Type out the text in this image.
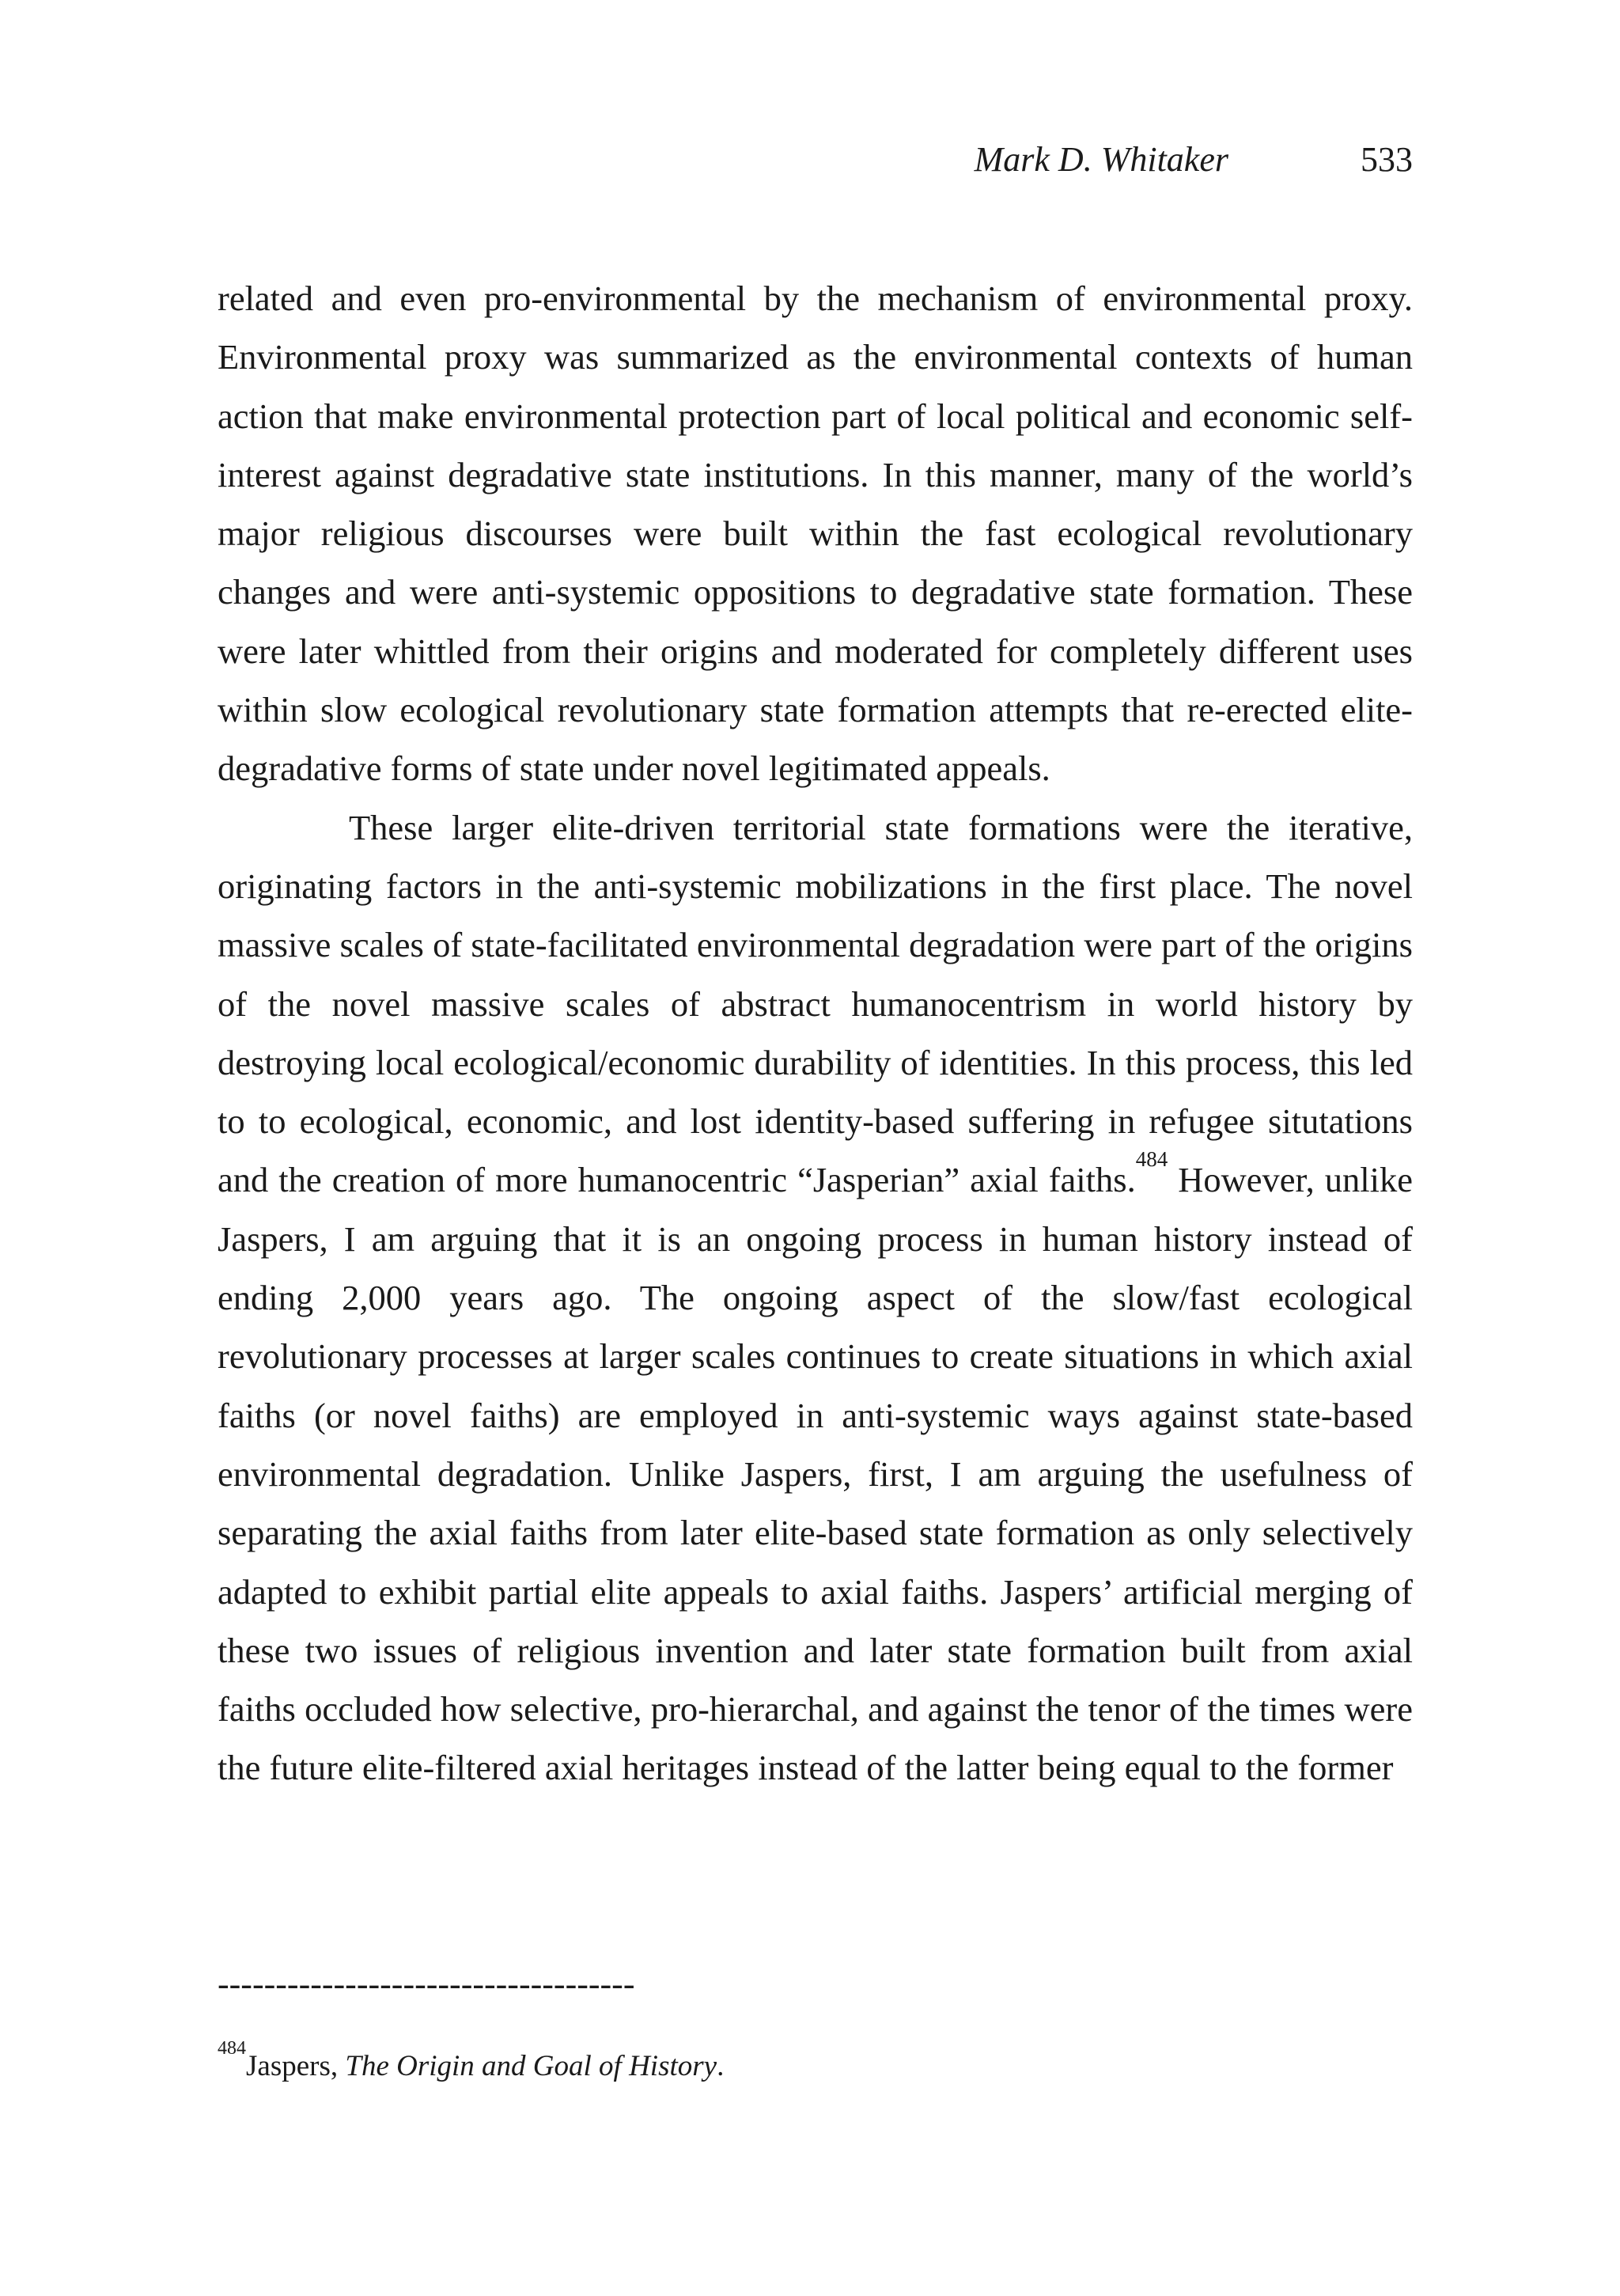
Mark D. Whitaker	533

related and even pro-environmental by the mechanism of environmental proxy. Environmental proxy was summarized as the environmental contexts of human action that make environmental protection part of local political and economic self-interest against degradative state institutions. In this manner, many of the world’s major religious discourses were built within the fast ecological revolutionary changes and were anti-systemic oppositions to degradative state formation. These were later whittled from their origins and moderated for completely different uses within slow ecological revolutionary state formation attempts that re-erected elite-degradative forms of state under novel legitimated appeals.

These larger elite-driven territorial state formations were the iterative, originating factors in the anti-systemic mobilizations in the first place. The novel massive scales of state-facilitated environmental degradation were part of the origins of the novel massive scales of abstract humanocentrism in world history by destroying local ecological/economic durability of identities. In this process, this led to to ecological, economic, and lost identity-based suffering in refugee situtations and the creation of more humanocentric “Jasperian” axial faiths.$^{484}$ However, unlike Jaspers, I am arguing that it is an ongoing process in human history instead of ending 2,000 years ago. The ongoing aspect of the slow/fast ecological revolutionary processes at larger scales continues to create situations in which axial faiths (or novel faiths) are employed in anti-systemic ways against state-based environmental degradation. Unlike Jaspers, first, I am arguing the usefulness of separating the axial faiths from later elite-based state formation as only selectively adapted to exhibit partial elite appeals to axial faiths. Jaspers’ artificial merging of these two issues of religious invention and later state formation built from axial faiths occluded how selective, pro-hierarchal, and against the tenor of the times were the future elite-filtered axial heritages instead of the latter being equal to the former

------------------------------------
$^{484}$Jaspers, The Origin and Goal of History.
